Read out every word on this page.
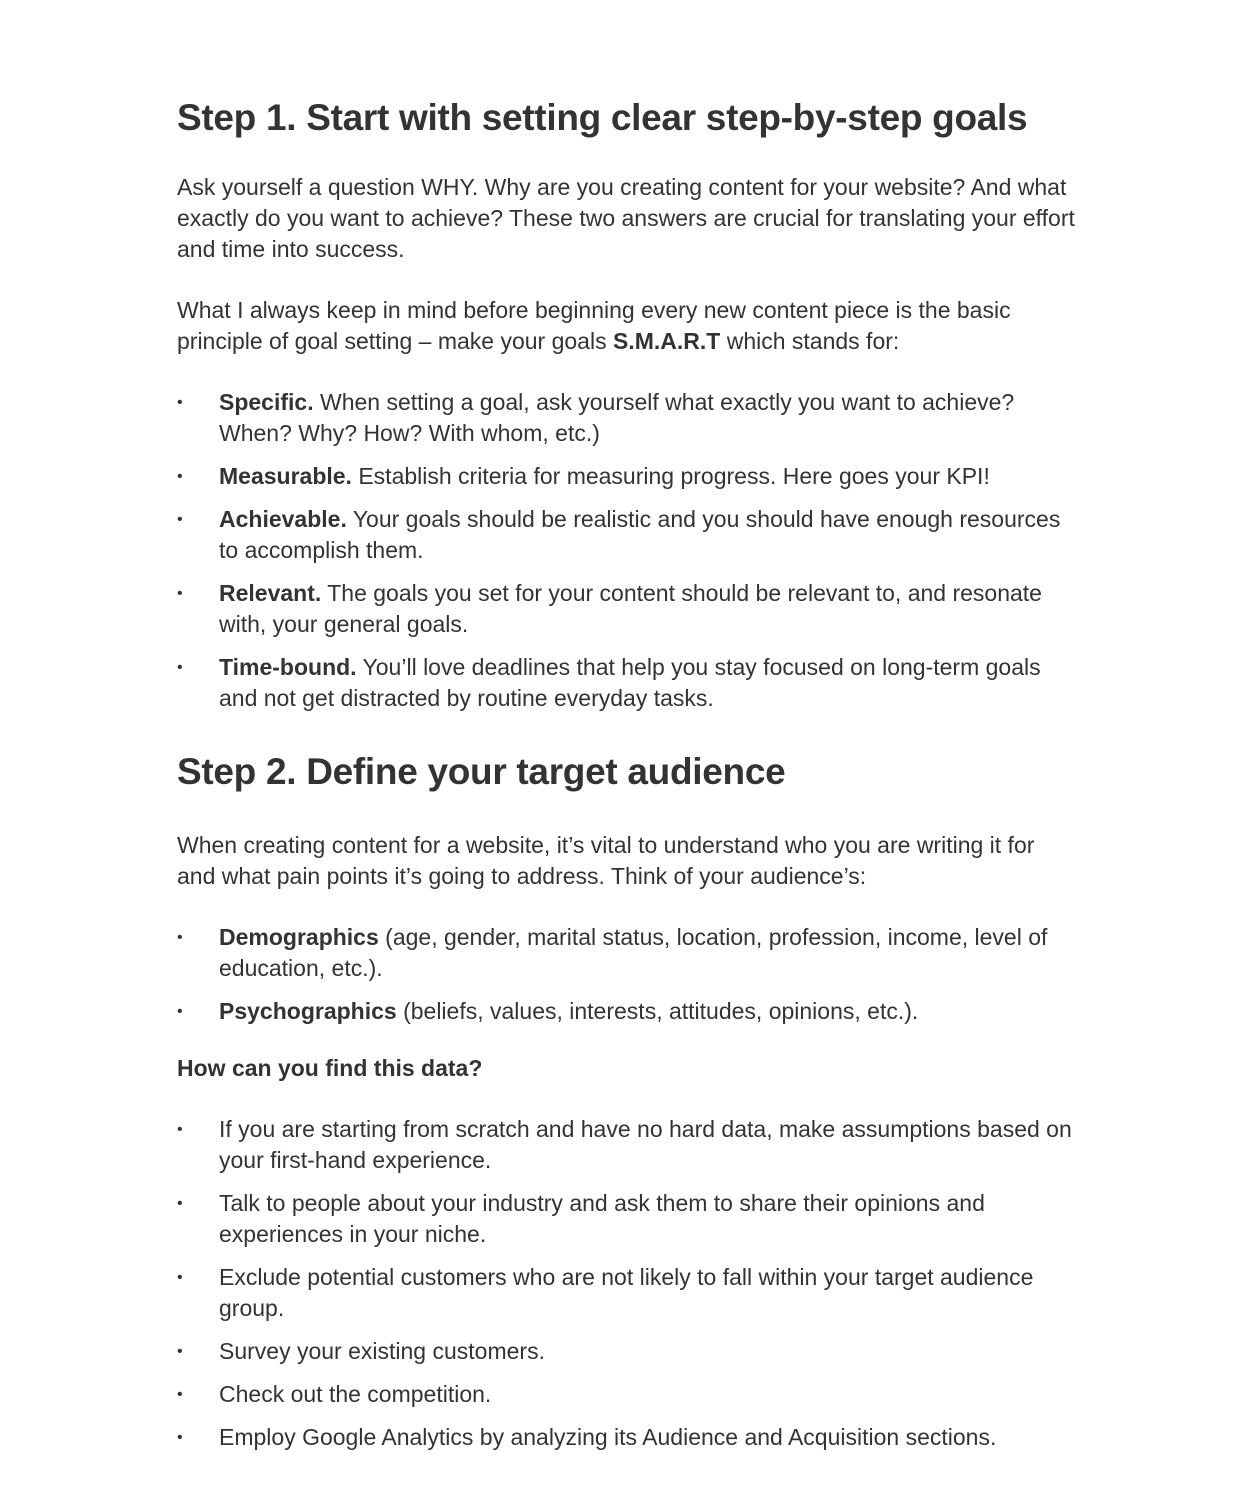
Step 1. Start with setting clear step-by-step goals

Ask yourself a question WHY. Why are you creating content for your website? And what exactly do you want to achieve? These two answers are crucial for translating your effort and time into success.

What I always keep in mind before beginning every new content piece is the basic principle of goal setting – make your goals S.M.A.R.T which stands for:

• Specific. When setting a goal, ask yourself what exactly you want to achieve? When? Why? How? With whom, etc.)
• Measurable. Establish criteria for measuring progress. Here goes your KPI!
• Achievable. Your goals should be realistic and you should have enough resources to accomplish them.
• Relevant. The goals you set for your content should be relevant to, and resonate with, your general goals.
• Time-bound. You’ll love deadlines that help you stay focused on long-term goals and not get distracted by routine everyday tasks.
Step 2. Define your target audience

When creating content for a website, it’s vital to understand who you are writing it for and what pain points it’s going to address. Think of your audience’s:

• Demographics (age, gender, marital status, location, profession, income, level of education, etc.).
• Psychographics (beliefs, values, interests, attitudes, opinions, etc.).
How can you find this data?
• If you are starting from scratch and have no hard data, make assumptions based on your first-hand experience.
• Talk to people about your industry and ask them to share their opinions and experiences in your niche.
• Exclude potential customers who are not likely to fall within your target audience group.
• Survey your existing customers.
• Check out the competition.
• Employ Google Analytics by analyzing its Audience and Acquisition sections.
